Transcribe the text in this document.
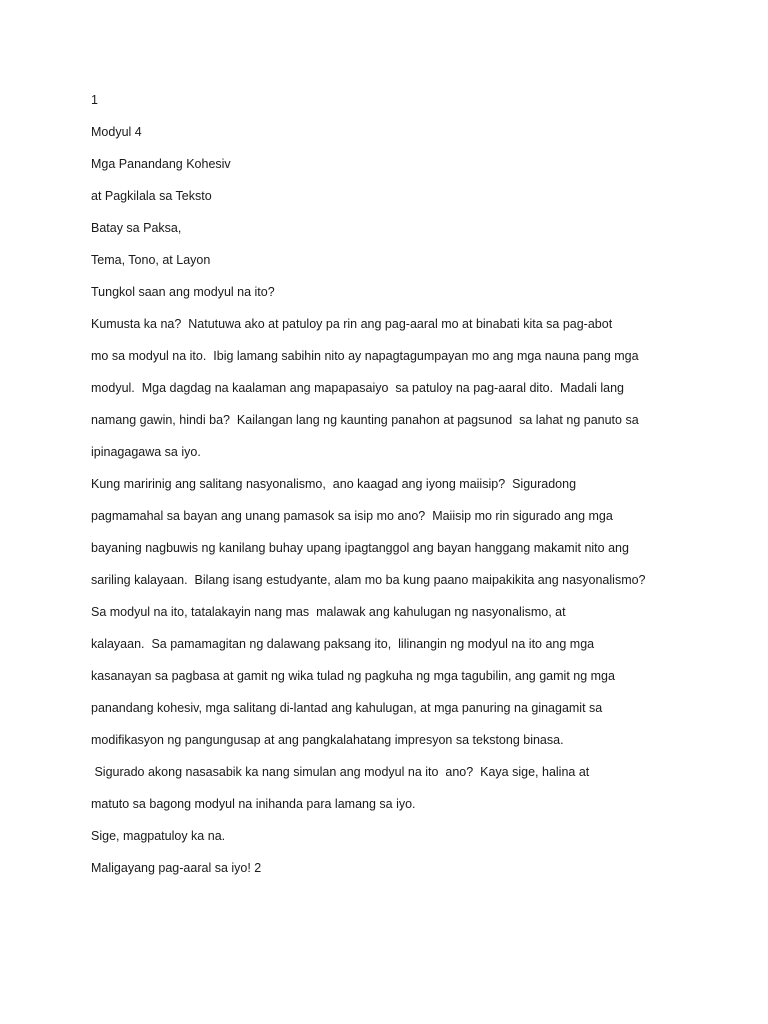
1
Modyul 4
Mga Panandang Kohesiv
at Pagkilala sa Teksto
Batay sa Paksa,
Tema, Tono, at Layon
Tungkol saan ang modyul na ito?
Kumusta ka na?  Natutuwa ako at patuloy pa rin ang pag-aaral mo at binabati kita sa pag-abot
mo sa modyul na ito.  Ibig lamang sabihin nito ay napagtagumpayan mo ang mga nauna pang mga
modyul.  Mga dagdag na kaalaman ang mapapasaiyo  sa patuloy na pag-aaral dito.  Madali lang
namang gawin, hindi ba?  Kailangan lang ng kaunting panahon at pagsunod  sa lahat ng panuto sa
ipinagagawa sa iyo.
Kung maririnig ang salitang nasyonalismo,  ano kaagad ang iyong maiisip?  Siguradong
pagmamahal sa bayan ang unang pamasok sa isip mo ano?  Maiisip mo rin sigurado ang mga
bayaning nagbuwis ng kanilang buhay upang ipagtanggol ang bayan hanggang makamit nito ang
sariling kalayaan.  Bilang isang estudyante, alam mo ba kung paano maipakikita ang nasyonalismo?
Sa modyul na ito, tatalakayin nang mas  malawak ang kahulugan ng nasyonalismo, at
kalayaan.  Sa pamamagitan ng dalawang paksang ito,  lilinangin ng modyul na ito ang mga
kasanayan sa pagbasa at gamit ng wika tulad ng pagkuha ng mga tagubilin, ang gamit ng mga
panandang kohesiv, mga salitang di-lantad ang kahulugan, at mga panuring na ginagamit sa
modifikasyon ng pangungusap at ang pangkalahatang impresyon sa tekstong binasa.
Sigurado akong nasasabik ka nang simulan ang modyul na ito  ano?  Kaya sige, halina at
matuto sa bagong modyul na inihanda para lamang sa iyo.
Sige, magpatuloy ka na.
Maligayang pag-aaral sa iyo! 2
